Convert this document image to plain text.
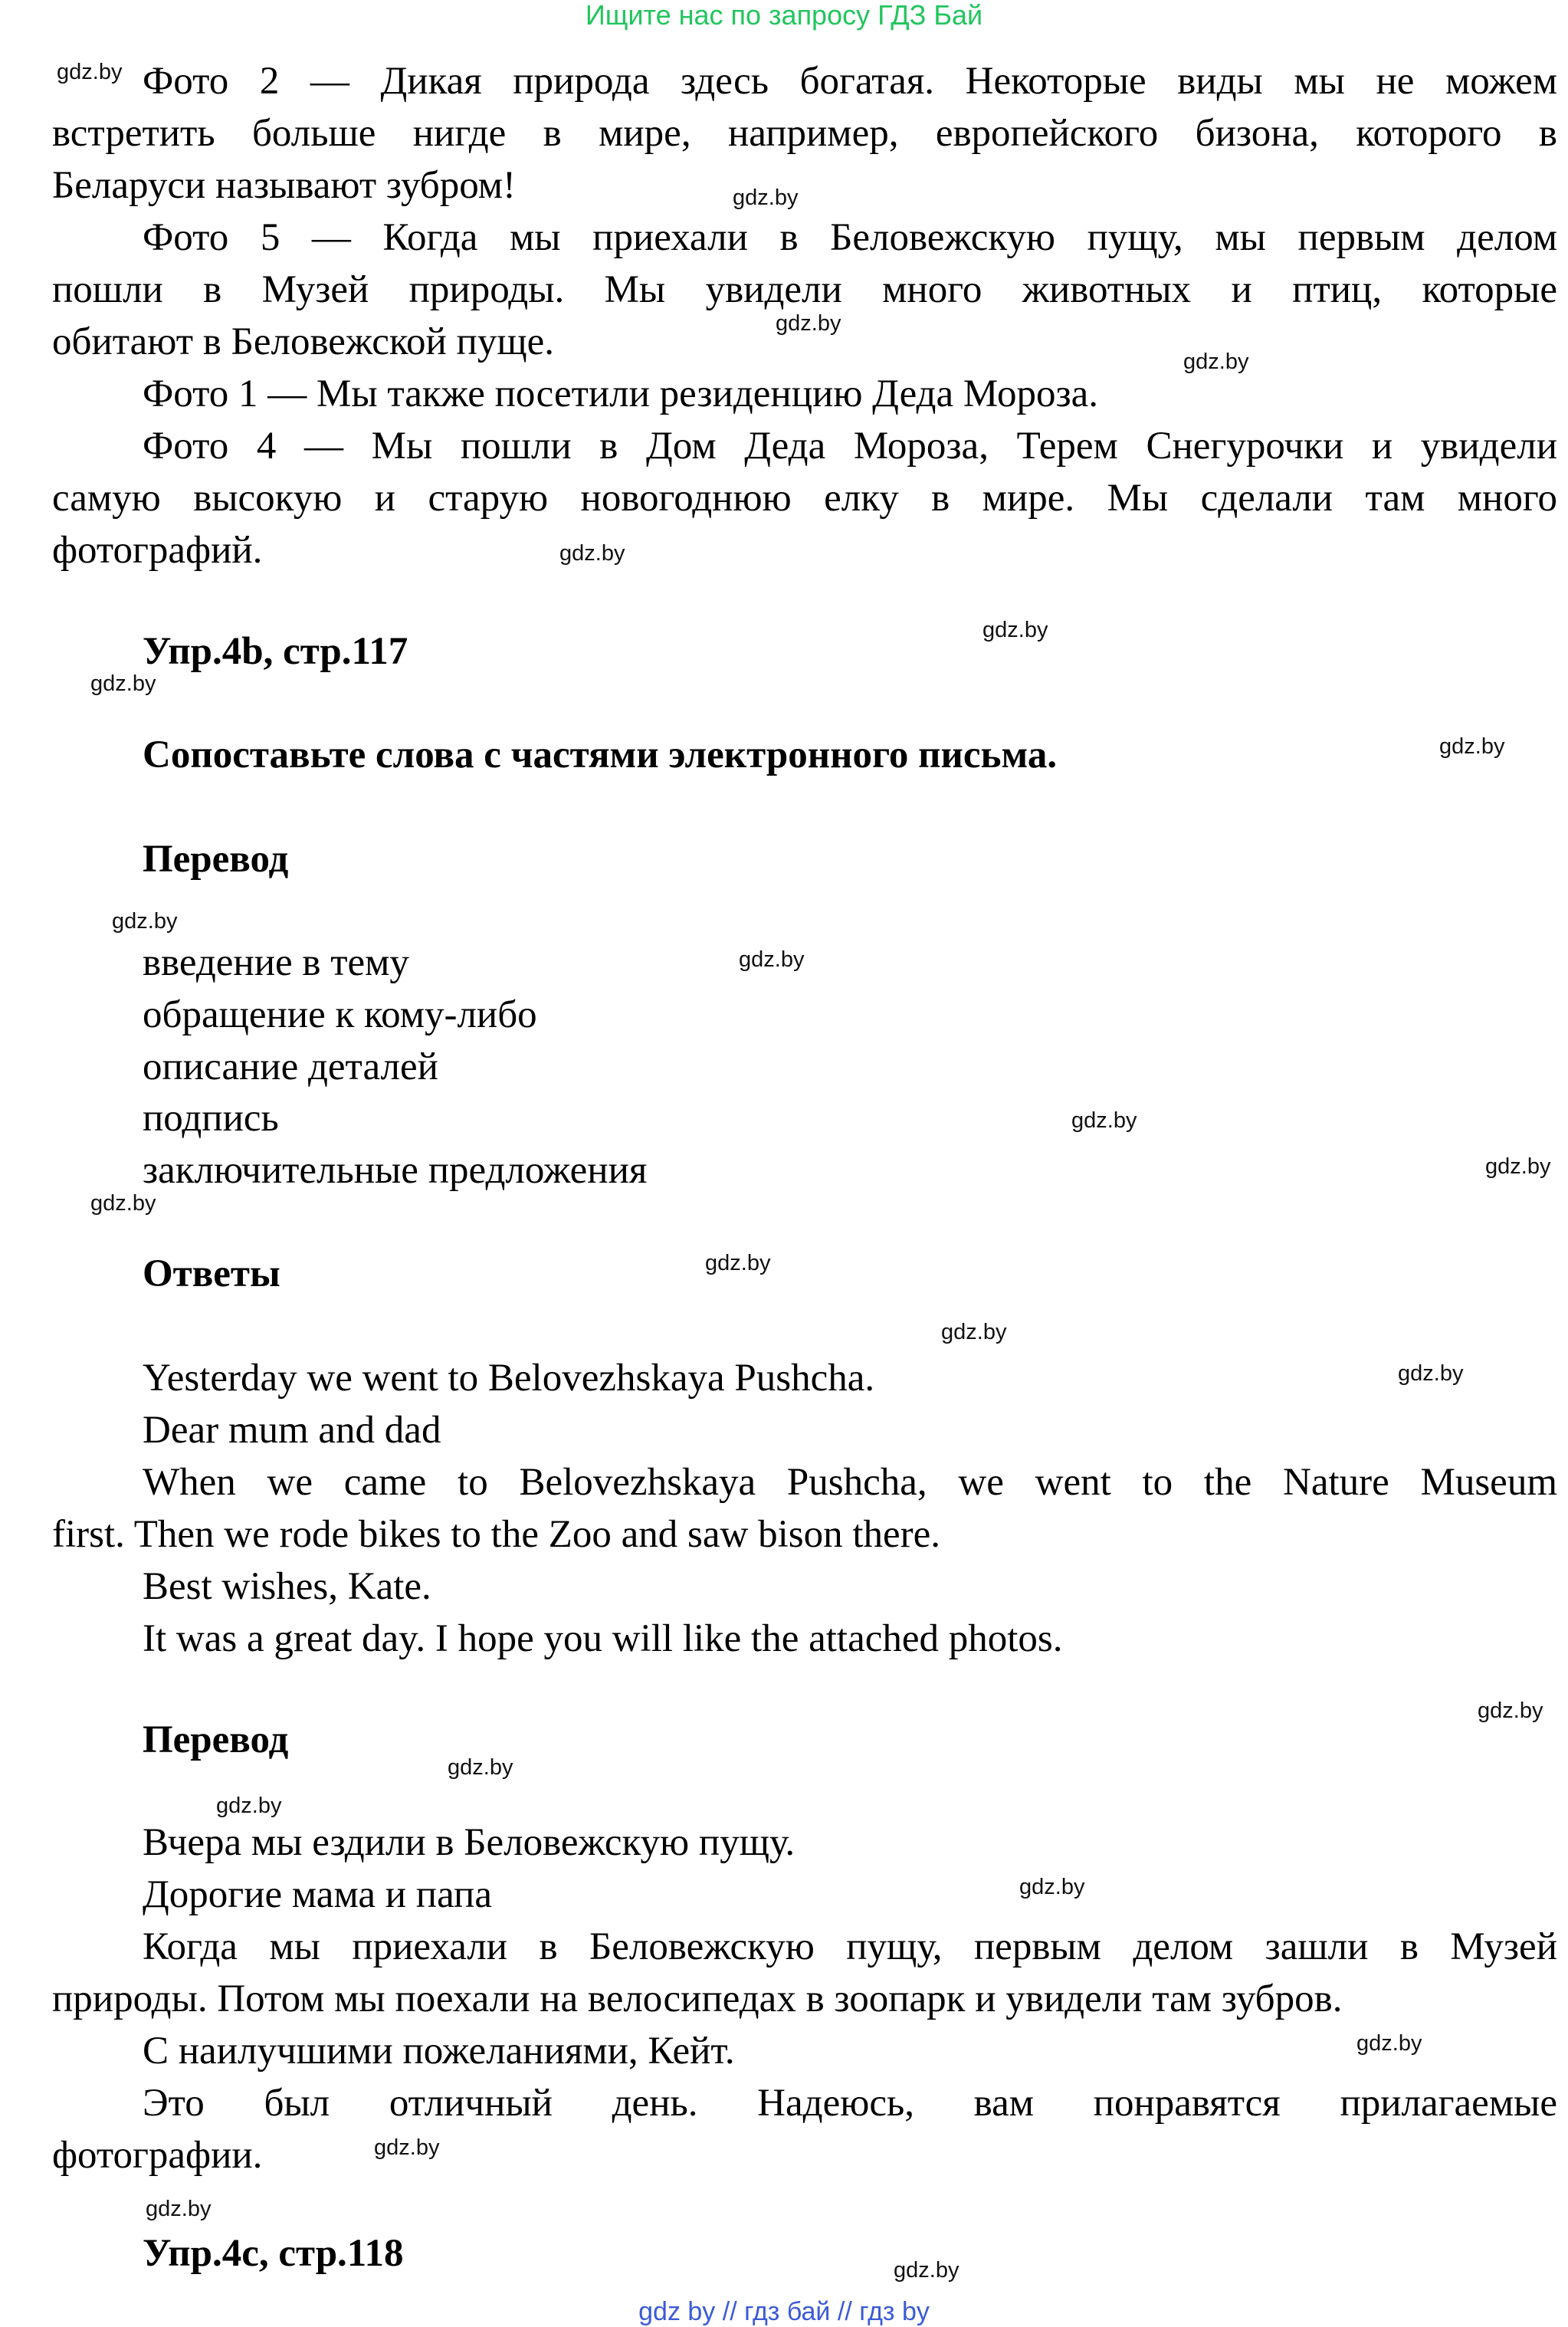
Ищите нас по запросу ГДЗ Бай
Фото 2 — Дикая природа здесь богатая. Некоторые виды мы не можем
встретить больше нигде в мире, например, европейского бизона, которого в
Беларуси называют зубром!
Фото 5 — Когда мы приехали в Беловежскую пущу, мы первым делом
пошли в Музей природы. Мы увидели много животных и птиц, которые
обитают в Беловежской пуще.
Фото 1 — Мы также посетили резиденцию Деда Мороза.
Фото 4 — Мы пошли в Дом Деда Мороза, Терем Снегурочки и увидели
самую высокую и старую новогоднюю елку в мире. Мы сделали там много
фотографий.
Упр.4b, стр.117
Сопоставьте слова с частями электронного письма.
Перевод
введение в тему
обращение к кому-либо
описание деталей
подпись
заключительные предложения
Ответы
Yesterday we went to Belovezhskaya Pushcha.
Dear mum and dad
When we came to Belovezhskaya Pushcha, we went to the Nature Museum
first. Then we rode bikes to the Zoo and saw bison there.
Best wishes, Kate.
It was a great day. I hope you will like the attached photos.
Перевод
Вчера мы ездили в Беловежскую пущу.
Дорогие мама и папа
Когда мы приехали в Беловежскую пущу, первым делом зашли в Музей
природы. Потом мы поехали на велосипедах в зоопарк и увидели там зубров.
С наилучшими пожеланиями, Кейт.
Это был отличный день. Надеюсь, вам понравятся прилагаемые
фотографии.
Упр.4c, стр.118
gdz.by
gdz.by
gdz.by
gdz.by
gdz.by
gdz.by
gdz.by
gdz.by
gdz.by
gdz.by
gdz.by
gdz.by
gdz.by
gdz.by
gdz.by
gdz.by
gdz.by
gdz.by
gdz.by
gdz.by
gdz.by
gdz.by
gdz.by
gdz.by
gdz by // гдз бай // гдз by
